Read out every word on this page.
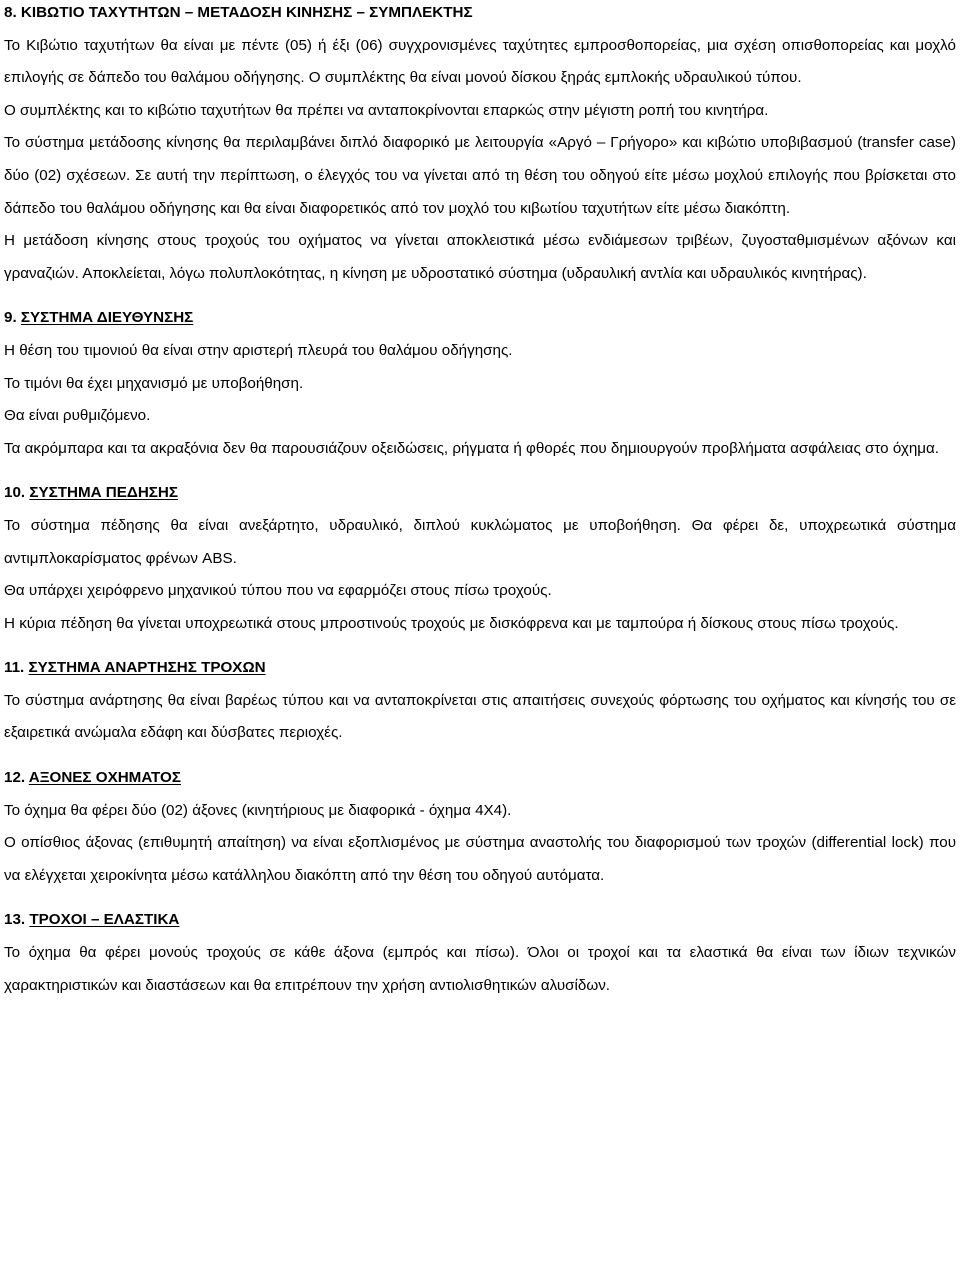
8. ΚΙΒΩΤΙΟ ΤΑΧΥΤΗΤΩΝ – ΜΕΤΑΔΟΣΗ ΚΙΝΗΣΗΣ – ΣΥΜΠΛΕΚΤΗΣ

Το Κιβώτιο ταχυτήτων θα είναι με πέντε (05) ή έξι (06) συγχρονισμένες ταχύτητες εμπροσθοπορείας, μια σχέση οπισθοπορείας και μοχλό επιλογής σε δάπεδο του θαλάμου οδήγησης. Ο συμπλέκτης θα είναι μονού δίσκου ξηράς εμπλοκής υδραυλικού τύπου.

Ο συμπλέκτης και το κιβώτιο ταχυτήτων θα πρέπει να ανταποκρίνονται επαρκώς στην μέγιστη ροπή του κινητήρα.

Το σύστημα μετάδοσης κίνησης θα περιλαμβάνει διπλό διαφορικό με λειτουργία «Αργό – Γρήγορο» και κιβώτιο υποβιβασμού (transfer case) δύο (02) σχέσεων. Σε αυτή την περίπτωση, ο έλεγχός του να γίνεται από τη θέση του οδηγού είτε μέσω μοχλού επιλογής που βρίσκεται στο δάπεδο του θαλάμου οδήγησης και θα είναι διαφορετικός από τον μοχλό του κιβωτίου ταχυτήτων είτε μέσω διακόπτη.

Η μετάδοση κίνησης στους τροχούς του οχήματος να γίνεται αποκλειστικά μέσω ενδιάμεσων τριβέων, ζυγοσταθμισμένων αξόνων και γραναζιών. Αποκλείεται, λόγω πολυπλοκότητας, η κίνηση με υδροστατικό σύστημα (υδραυλική αντλία και υδραυλικός κινητήρας).

9. ΣΥΣΤΗΜΑ ΔΙΕΥΘΥΝΣΗΣ

Η θέση του τιμονιού θα είναι στην αριστερή πλευρά του θαλάμου οδήγησης.

Το τιμόνι θα έχει μηχανισμό με υποβοήθηση.

Θα είναι ρυθμιζόμενο.

Τα ακρόμπαρα και τα ακραξόνια δεν θα παρουσιάζουν οξειδώσεις, ρήγματα ή φθορές που δημιουργούν προβλήματα ασφάλειας στο όχημα.

10. ΣΥΣΤΗΜΑ ΠΕΔΗΣΗΣ

Το σύστημα πέδησης θα είναι ανεξάρτητο, υδραυλικό, διπλού κυκλώματος με υποβοήθηση. Θα φέρει δε, υποχρεωτικά σύστημα αντιμπλοκαρίσματος φρένων ABS.

Θα υπάρχει χειρόφρενο μηχανικού τύπου που να εφαρμόζει στους πίσω τροχούς.

Η κύρια πέδηση θα γίνεται υποχρεωτικά στους μπροστινούς τροχούς με δισκόφρενα και με ταμπούρα ή δίσκους στους πίσω τροχούς.

11. ΣΥΣΤΗΜΑ ΑΝΑΡΤΗΣΗΣ ΤΡΟΧΩΝ

Το σύστημα ανάρτησης θα είναι βαρέως τύπου και να ανταποκρίνεται στις απαιτήσεις συνεχούς φόρτωσης του οχήματος και κίνησής του σε εξαιρετικά ανώμαλα εδάφη και δύσβατες περιοχές.

12. ΑΞΟΝΕΣ ΟΧΗΜΑΤΟΣ

Το όχημα θα φέρει δύο (02) άξονες (κινητήριους με διαφορικά - όχημα 4Χ4).

Ο οπίσθιος άξονας (επιθυμητή απαίτηση) να είναι εξοπλισμένος με σύστημα αναστολής του διαφορισμού των τροχών (differential lock) που να ελέγχεται χειροκίνητα μέσω κατάλληλου διακόπτη από την θέση του οδηγού αυτόματα.

13. ΤΡΟΧΟΙ – ΕΛΑΣΤΙΚΑ

Το όχημα θα φέρει μονούς τροχούς σε κάθε άξονα (εμπρός και πίσω). Όλοι οι τροχοί και τα ελαστικά θα είναι των ίδιων τεχνικών χαρακτηριστικών και διαστάσεων και θα επιτρέπουν την χρήση αντιολισθητικών αλυσίδων.
